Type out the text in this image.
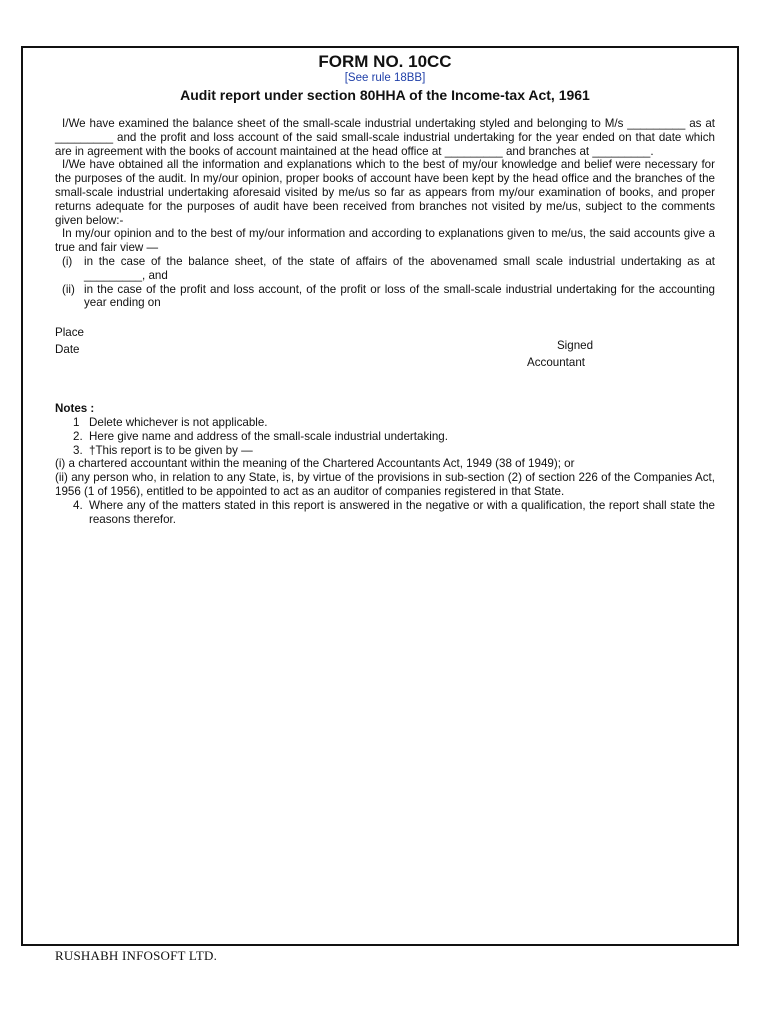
FORM NO. 10CC
[See rule 18BB]
Audit report under section 80HHA of the Income-tax Act, 1961

I/We have examined the balance sheet of the small-scale industrial undertaking styled and belonging to M/s _________ as at _________ and the profit and loss account of the said small-scale industrial undertaking for the year ended on that date which are in agreement with the books of account maintained at the head office at _________ and branches at _________.

I/We have obtained all the information and explanations which to the best of my/our knowledge and belief were necessary for the purposes of the audit. In my/our opinion, proper books of account have been kept by the head office and the branches of the small-scale industrial undertaking aforesaid visited by me/us so far as appears from my/our examination of books, and proper returns adequate for the purposes of audit have been received from branches not visited by me/us, subject to the comments given below:-

In my/our opinion and to the best of my/our information and according to explanations given to me/us, the said accounts give a true and fair view —

(i)	in the case of the balance sheet, of the state of affairs of the abovenamed small scale industrial undertaking as at _________, and
(ii) in the case of the profit and loss account, of the profit or loss of the small-scale industrial undertaking for the accounting year ending on

Place

Date	Signed
Accountant

Notes :

1 Delete whichever is not applicable.
2. Here give name and address of the small-scale industrial undertaking.
3. †This report is to be given by —

(i) a chartered accountant within the meaning of the Chartered Accountants Act, 1949 (38 of 1949); or

(ii) any person who, in relation to any State, is, by virtue of the provisions in sub-section (2) of section 226 of the Companies Act, 1956 (1 of 1956), entitled to be appointed to act as an auditor of companies registered in that State.

4. Where any of the matters stated in this report is answered in the negative or with a qualification, the report shall state the reasons therefor.
RUSHABH INFOSOFT LTD.
